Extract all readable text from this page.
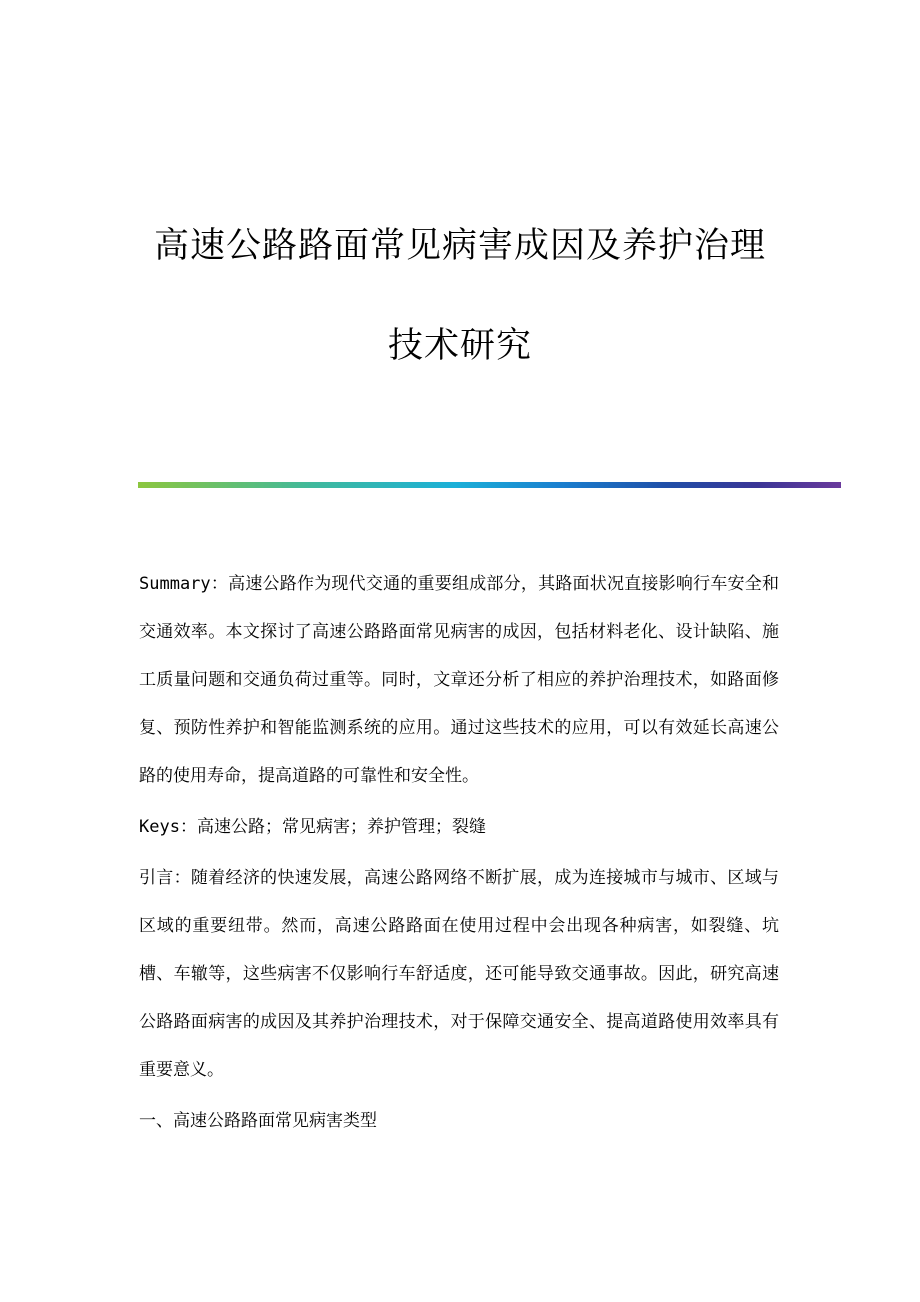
高速公路路面常见病害成因及养护治理
技术研究

Summary：高速公路作为现代交通的重要组成部分，其路面状况直接影响行车安全和交通效率。本文探讨了高速公路路面常见病害的成因，包括材料老化、设计缺陷、施工质量问题和交通负荷过重等。同时，文章还分析了相应的养护治理技术，如路面修复、预防性养护和智能监测系统的应用。通过这些技术的应用，可以有效延长高速公路的使用寿命，提高道路的可靠性和安全性。

Keys：高速公路；常见病害；养护管理；裂缝

引言：随着经济的快速发展，高速公路网络不断扩展，成为连接城市与城市、区域与区域的重要纽带。然而，高速公路路面在使用过程中会出现各种病害，如裂缝、坑槽、车辙等，这些病害不仅影响行车舒适度，还可能导致交通事故。因此，研究高速公路路面病害的成因及其养护治理技术，对于保障交通安全、提高道路使用效率具有重要意义。

一、高速公路路面常见病害类型
